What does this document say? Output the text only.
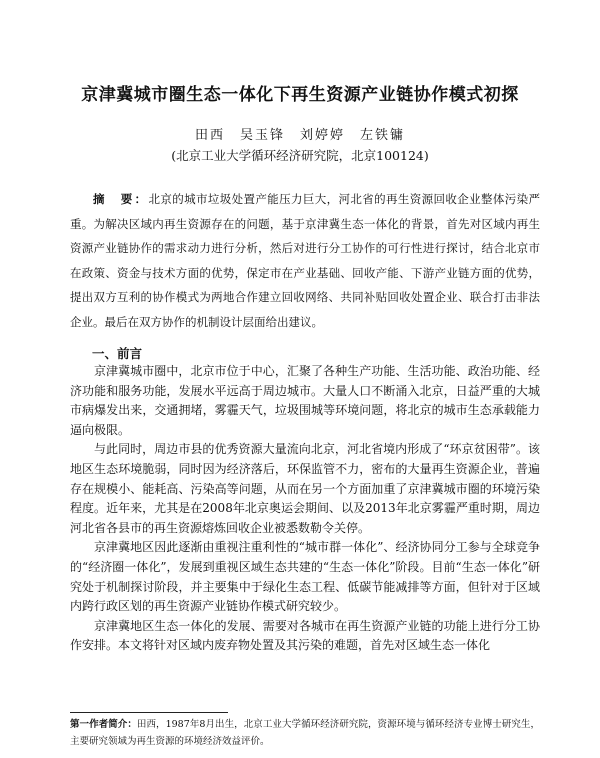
京津冀城市圈生态一体化下再生资源产业链协作模式初探
田西　吴玉锋　刘婷婷　左铁镛
(北京工业大学循环经济研究院，北京100124)
摘　要：北京的城市垃圾处置产能压力巨大，河北省的再生资源回收企业整体污染严重。为解决区域内再生资源存在的问题，基于京津冀生态一体化的背景，首先对区域内再生资源产业链协作的需求动力进行分析，然后对进行分工协作的可行性进行探讨，结合北京市在政策、资金与技术方面的优势，保定市在产业基础、回收产能、下游产业链方面的优势，提出双方互利的协作模式为两地合作建立回收网络、共同补贴回收处置企业、联合打击非法企业。最后在双方协作的机制设计层面给出建议。
一、前言

京津冀城市圈中，北京市位于中心，汇聚了各种生产功能、生活功能、政治功能、经济功能和服务功能，发展水平远高于周边城市。大量人口不断涌入北京，日益严重的大城市病爆发出来，交通拥堵，雾霾天气，垃圾围城等环境问题，将北京的城市生态承载能力逼向极限。

与此同时，周边市县的优秀资源大量流向北京，河北省境内形成了“环京贫困带”。该地区生态环境脆弱，同时因为经济落后，环保监管不力，密布的大量再生资源企业，普遍存在规模小、能耗高、污染高等问题，从而在另一个方面加重了京津冀城市圈的环境污染程度。近年来，尤其是在2008年北京奥运会期间、以及2013年北京雾霾严重时期，周边河北省各县市的再生资源熔炼回收企业被悉数勒令关停。

京津冀地区因此逐渐由重视注重利性的“城市群一体化”、经济协同分工参与全球竞争的“经济圈一体化”，发展到重视区域生态共建的“生态一体化”阶段。目前“生态一体化”研究处于机制探讨阶段，并主要集中于绿化生态工程、低碳节能减排等方面，但针对于区域内跨行政区划的再生资源产业链协作模式研究较少。

京津冀地区生态一体化的发展、需要对各城市在再生资源产业链的功能上进行分工协作安排。本文将针对区域内废弃物处置及其污染的难题，首先对区域生态一体化

第一作者简介：田西，1987年8月出生，北京工业大学循环经济研究院，资源环境与循环经济专业博士研究生，主要研究领域为再生资源的环境经济效益评价。
